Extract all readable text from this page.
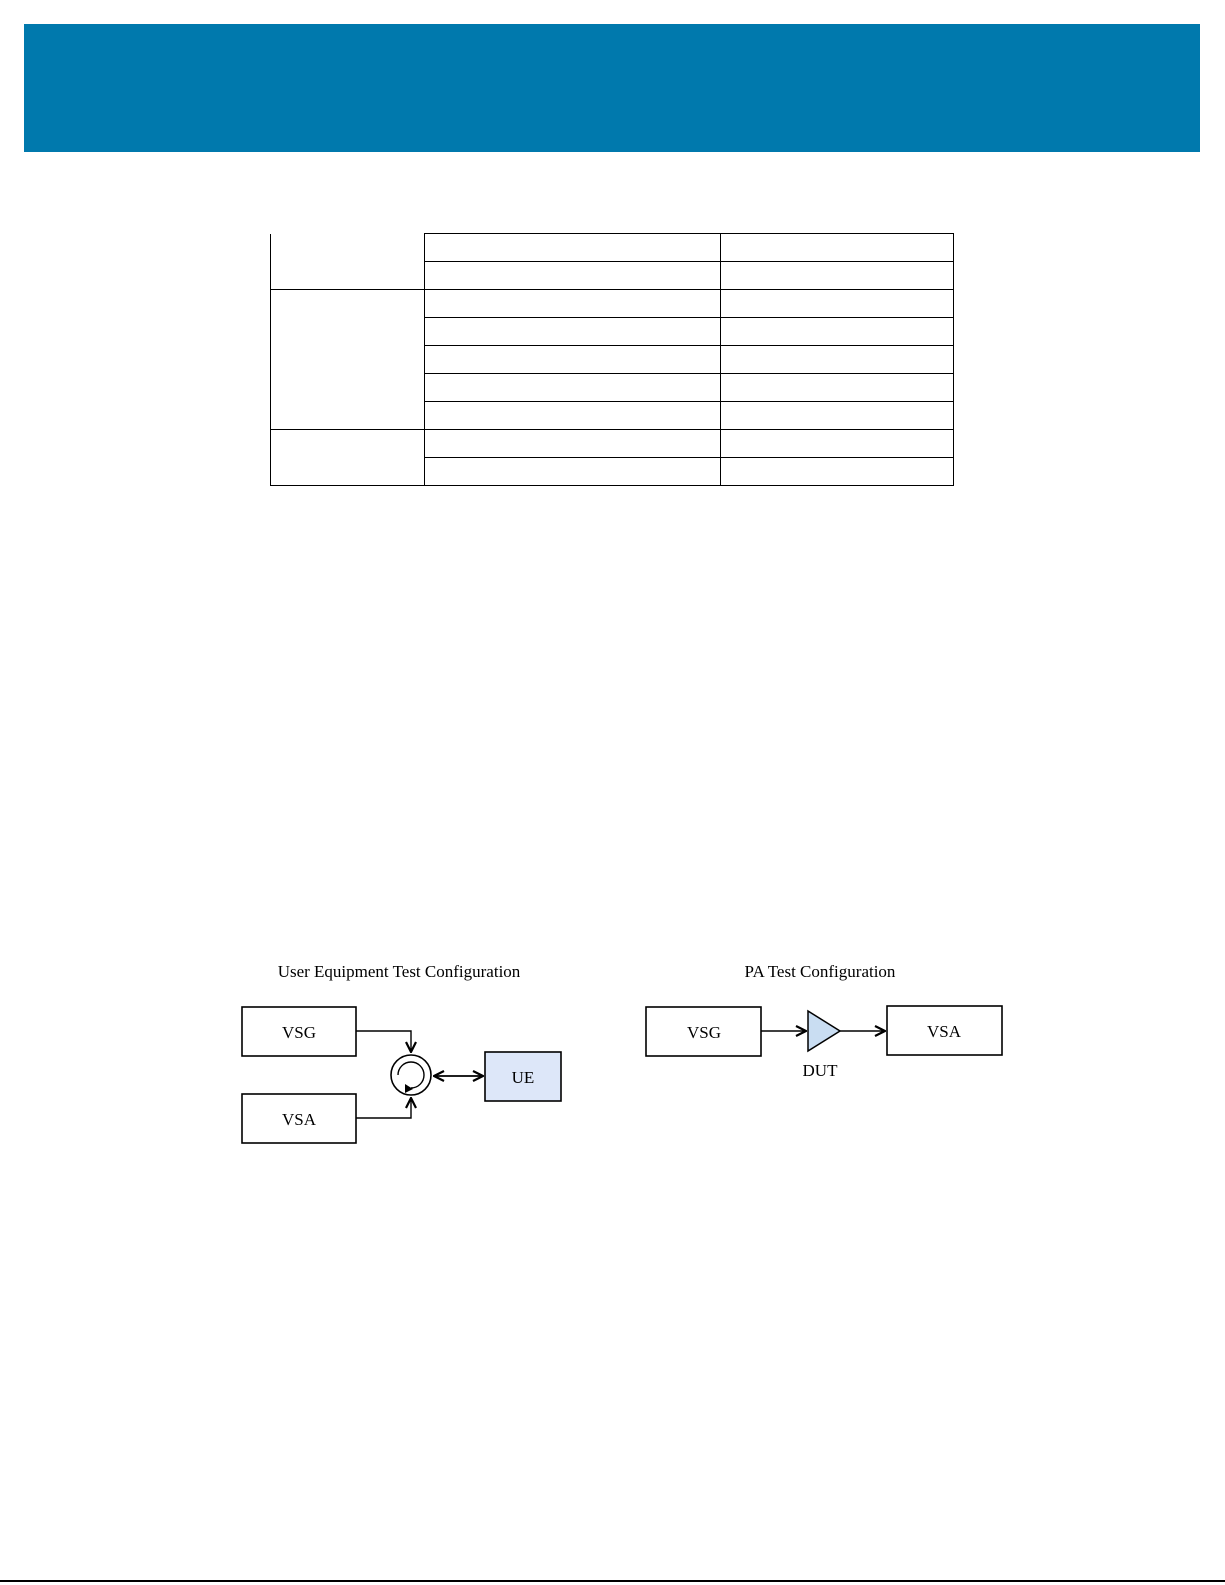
User Equipment Test Configuration
VSG
VSA
UE
PA Test Configuration
VSG
DUT
VSA
